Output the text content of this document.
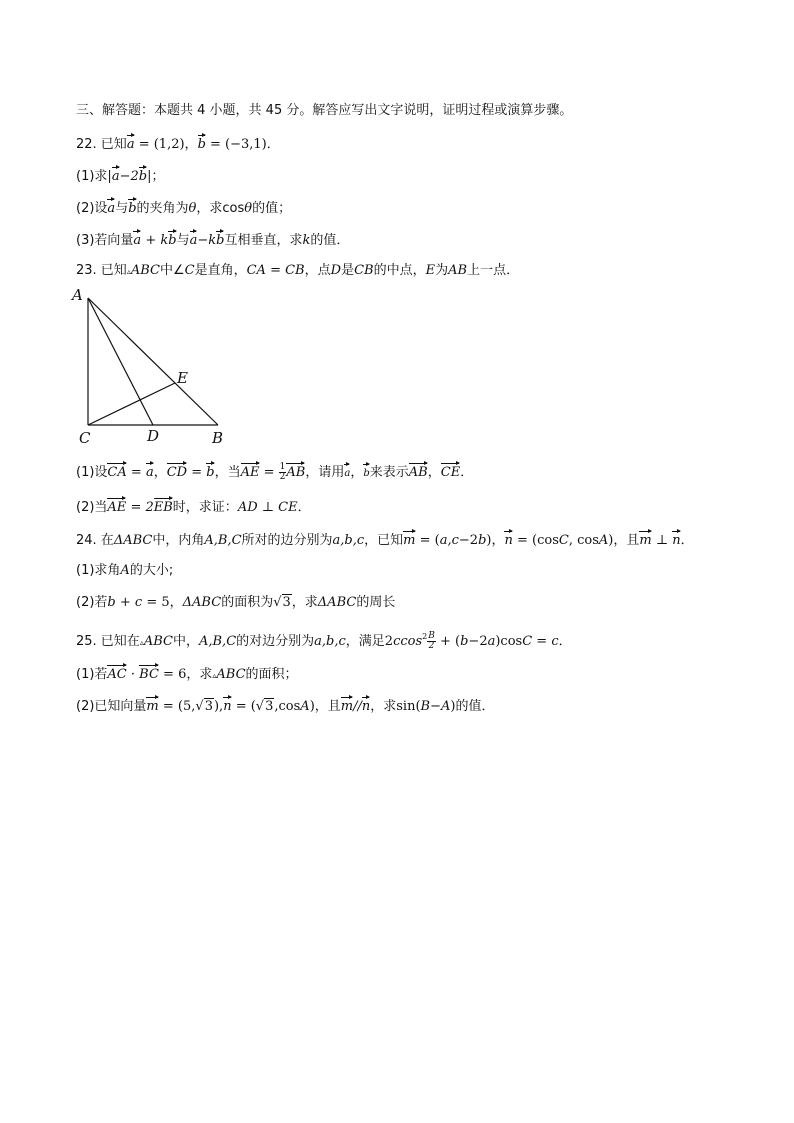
三、解答题：本题共 4 小题，共 45 分。解答应写出文字说明，证明过程或演算步骤。
22. 已知a = (1,2)，b = (−3,1)．
(1)求|a−2b|；
(2)设a与b的夹角为θ，求cosθ的值；
(3)若向量a + kb与a−kb互相垂直，求k的值．
23. 已知▵ABC中∠C是直角，CA = CB，点D是CB的中点，E为AB上一点．
A
C	D	B
E
(1)设CA = a，CD = b，当AE = $\frac{1}{2}$ AB，请用a，b来表示AB，CE．
(2)当AE = 2EB时，求证：AD ⊥ CE．
24. 在ΔABC中，内角A,B,C所对的边分别为a,b,c，已知m = (a,c−2b)，n = (cosC, cosA)，且m ⊥ n．
(1)求角A的大小;
(2)若b + c = 5，ΔABC的面积为√3，求ΔABC的周长
25. 已知在▵ABC中，A,B,C的对边分别为a,b,c，满足$2ccos^2 \frac{B}{2} + (b-2a)\cos C = c$．
(1)若AC · BC = 6，求▵ABC的面积；
(2)已知向量m = (5,√3),n = (√3,cosA)，且m//n，求sin(B−A)的值．
